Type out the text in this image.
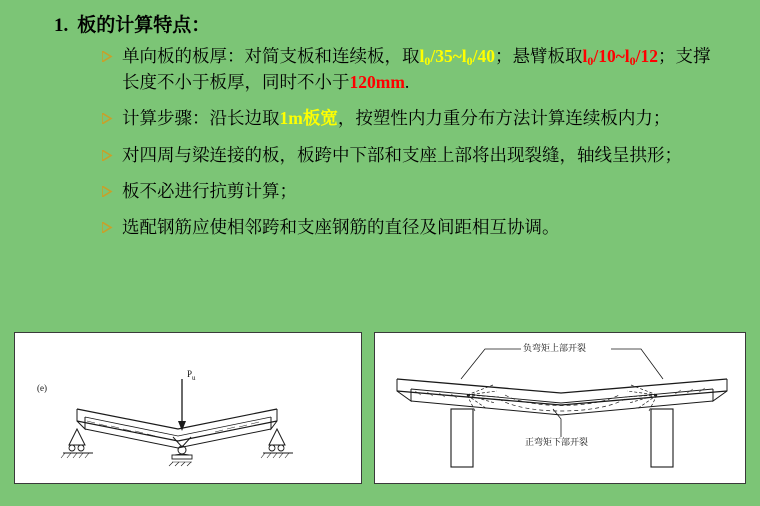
1. 板的计算特点：
单向板的板厚：对简支板和连续板，取$l_0/35\sim l_0/40$；悬臂板取$l_0/10\sim l_0/12$；支撑长度不小于板厚，同时不小于120mm.
计算步骤：沿长边取1m板宽，按塑性内力重分布方法计算连续板内力；
对四周与梁连接的板，板跨中下部和支座上部将出现裂缝，轴线呈拱形；
板不必进行抗剪计算；
选配钢筋应使相邻跨和支座钢筋的直径及间距相互协调。
(e)
$P_u$
负弯矩上部开裂
正弯矩下部开裂
